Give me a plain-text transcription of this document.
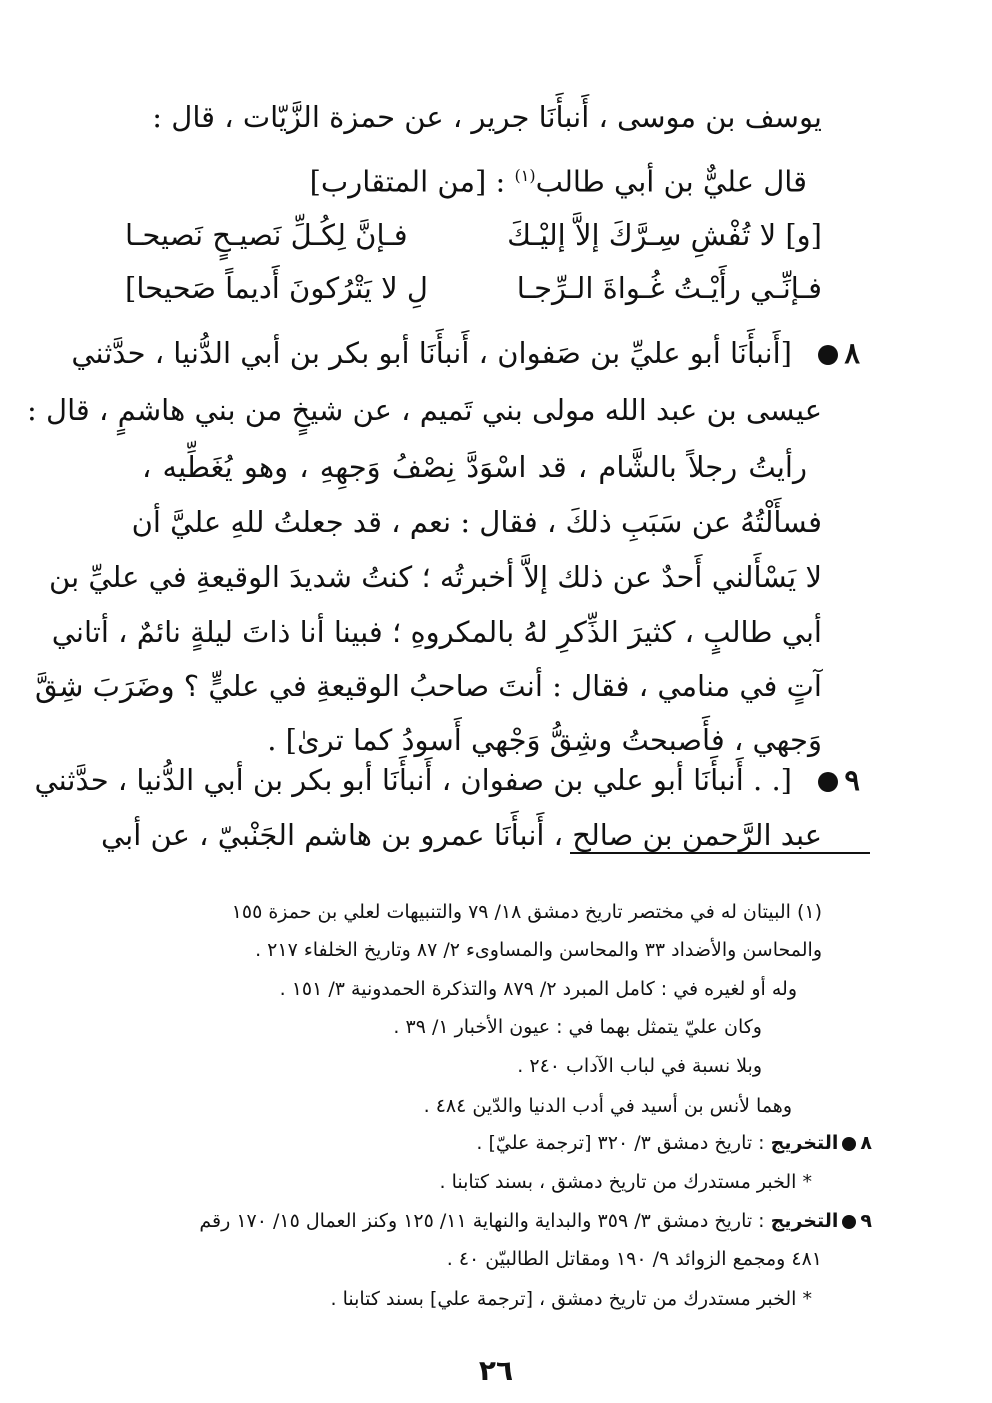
يوسف بن موسى ، أَنبأَنَا جرير ، عن حمزة الزَّيّات ، قال :
قال عليٌّ بن أبي طالب$^{(١)}$ : [من المتقارب]
[و] لا تُفْشِ سِـرَّكَ إلاَّ إليْـكَ
فـإنَّ لِكُـلِّ نَصيـحٍ نَصيحـا
فـإنِّـي رأَيْـتُ غُـواةَ الـرِّجـا
لِ لا يَتْرُكونَ أَديماً صَحيحا]
٨
[أَنبأَنَا أبو عليِّ بن صَفوان ، أَنبأَنَا أبو بكر بن أبي الدُّنيا ، حدَّثني
عيسى بن عبد الله مولى بني تَميم ، عن شيخٍ من بني هاشمٍ ، قال :
رأيتُ رجلاً بالشَّام ، قد اسْوَدَّ نِصْفُ وَجهِهِ ، وهو يُغَطِّيه ،
فسأَلْتُهُ عن سَبَبِ ذلكَ ، فقال : نعم ، قد جعلتُ للهِ عليَّ أن
لا يَسْأَلني أَحدٌ عن ذلك إلاَّ أخبرتُه ؛ كنتُ شديدَ الوقيعةِ في عليِّ بن
أبي طالبٍ ، كثيرَ الذِّكرِ لهُ بالمكروهِ ؛ فبينا أنا ذاتَ ليلةٍ نائمٌ ، أتاني
آتٍ في منامي ، فقال : أنتَ صاحبُ الوقيعةِ في عليٍّ ؟ وضَرَبَ شِقَّ
وَجهي ، فأَصبحتُ وشِقُّ وَجْهي أَسودُ كما ترىٰ] .
٩
[. . أَنبأَنَا أبو علي بن صفوان ، أَنبأَنَا أبو بكر بن أبي الدُّنيا ، حدَّثني
عبد الرَّحمن بن صالح ، أَنبأَنَا عمرو بن هاشم الجَنْبيّ ، عن أبي
(١) البيتان له في مختصر تاريخ دمشق ١٨/ ٧٩ والتنبيهات لعلي بن حمزة ١٥٥
والمحاسن والأضداد ٣٣ والمحاسن والمساوىء ٢/ ٨٧ وتاريخ الخلفاء ٢١٧ .
وله أو لغيره في : كامل المبرد ٢/ ٨٧٩ والتذكرة الحمدونية ٣/ ١٥١ .
وكان عليّ يتمثل بهما في : عيون الأخبار ١/ ٣٩ .
وبلا نسبة في لباب الآداب ٢٤٠ .
وهما لأنس بن أسيد في أدب الدنيا والدّين ٤٨٤ .
٨التخريج : تاريخ دمشق ٣/ ٣٢٠ [ترجمة عليّ] .
* الخبر مستدرك من تاريخ دمشق ، بسند كتابنا .
٩التخريج : تاريخ دمشق ٣/ ٣٥٩ والبداية والنهاية ١١/ ١٢٥ وكنز العمال ١٥/ ١٧٠ رقم
٤٨١ ومجمع الزوائد ٩/ ١٩٠ ومقاتل الطالبيّن ٤٠ .
* الخبر مستدرك من تاريخ دمشق ، [ترجمة علي] بسند كتابنا .
٢٦
